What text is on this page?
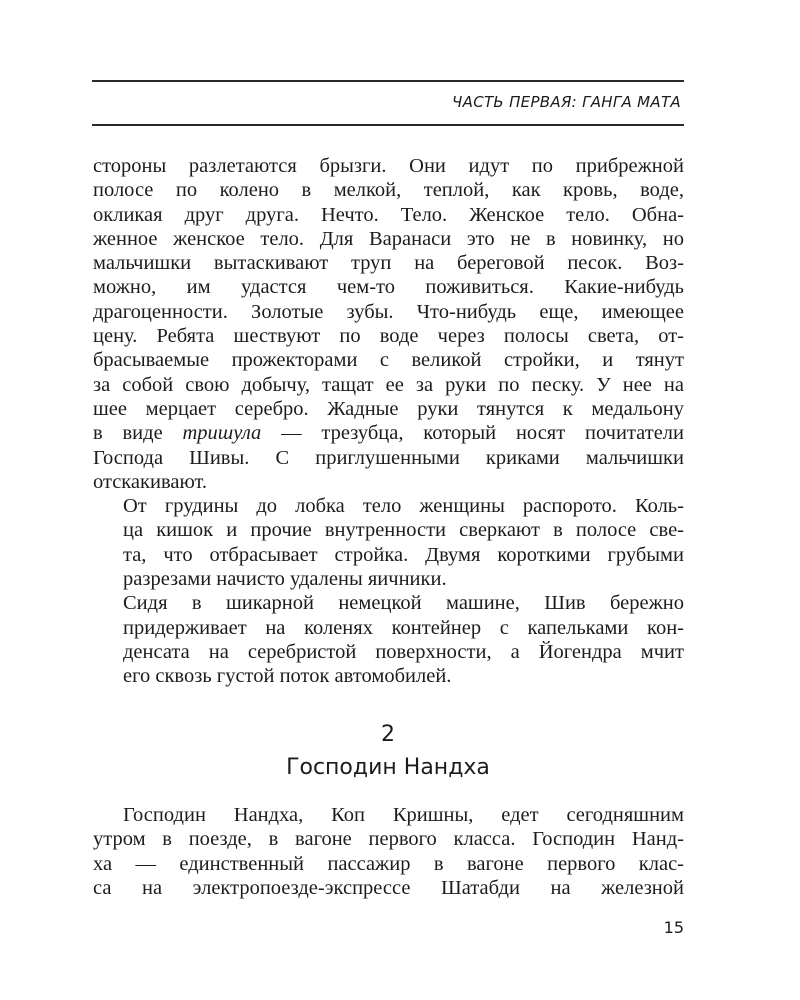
ЧАСТЬ ПЕРВАЯ: ГАНГА МАТА

стороны разлетаются брызги. Они идут по прибрежной
полосе по колено в мелкой, теплой, как кровь, воде,
окликая друг друга. Нечто. Тело. Женское тело. Обна-
женное женское тело. Для Варанаси это не в новинку, но
мальчишки вытаскивают труп на береговой песок. Воз-
можно, им удастся чем-то поживиться. Какие-нибудь
драгоценности. Золотые зубы. Что-нибудь еще, имеющее
цену. Ребята шествуют по воде через полосы света, от-
брасываемые прожекторами с великой стройки, и тянут
за собой свою добычу, тащат ее за руки по песку. У нее на
шее мерцает серебро. Жадные руки тянутся к медальону
в виде тришула — трезубца, который носят почитатели
Господа Шивы. С приглушенными криками мальчишки
отскакивают.

От грудины до лобка тело женщины распорото. Коль-
ца кишок и прочие внутренности сверкают в полосе све-
та, что отбрасывает стройка. Двумя короткими грубыми
разрезами начисто удалены яичники.

Сидя в шикарной немецкой машине, Шив бережно
придерживает на коленях контейнер с капельками кон-
денсата на серебристой поверхности, а Йогендра мчит
его сквозь густой поток автомобилей.

2
Господин Нандха
Господин Нандха, Коп Кришны, едет сегодняшним
утром в поезде, в вагоне первого класса. Господин Нанд-
ха — единственный пассажир в вагоне первого клас-
са на электропоезде-экспрессе Шатабди на железной
15
